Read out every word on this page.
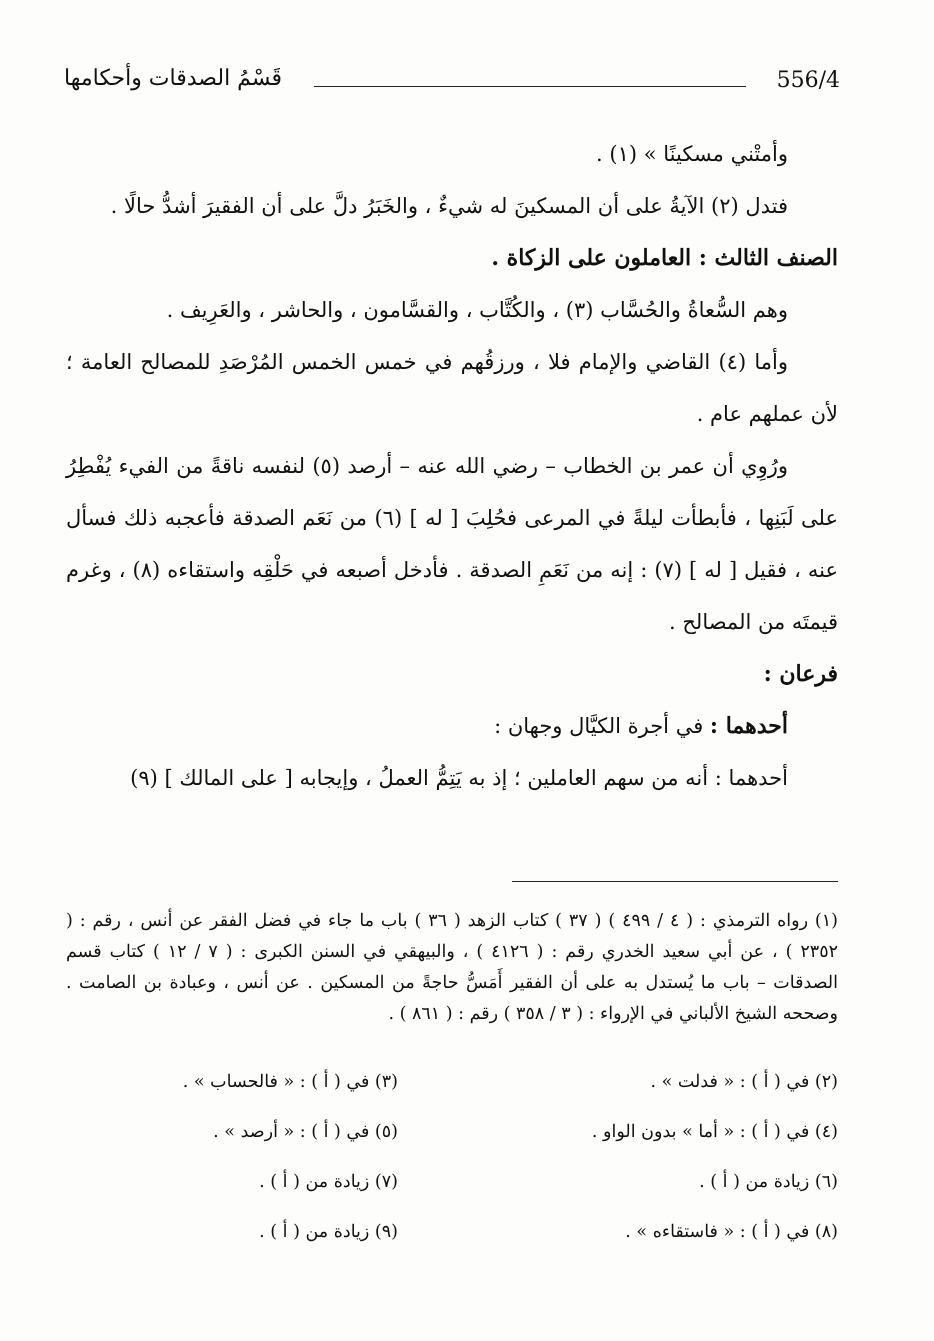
556/4
قَسْمُ الصدقات وأحكامها

وأمتْني مسكينًا » (١) .

فتدل (٢) الآيةُ على أن المسكينَ له شيءٌ ، والخَبَرُ دلَّ على أن الفقيرَ أشدُّ حالًا .

الصنف الثالث : العاملون على الزكاة .

وهم السُّعاةُ والحُسَّاب (٣) ، والكُتَّاب ، والقسَّامون ، والحاشر ، والعَرِيف .

وأما (٤) القاضي والإمام فلا ، ورزقُهم في خمس الخمس المُرْصَدِ للمصالح العامة ؛ لأن عملهم عام .

ورُوِي أن عمر بن الخطاب – رضي الله عنه – أرصد (٥) لنفسه ناقةً من الفيء يُفْطِرُ على لَبَنِها ، فأبطأت ليلةً في المرعى فحُلِبَ [ له ] (٦) من نَعَم الصدقة فأعجبه ذلك فسأل عنه ، فقيل [ له ] (٧) : إنه من نَعَمِ الصدقة . فأدخل أصبعه في حَلْقِه واستقاءه (٨) ، وغرم قيمتَه من المصالح .

فرعان :

أحدهما : في أجرة الكيَّال وجهان :

أحدهما : أنه من سهم العاملين ؛ إذ به يَتِمُّ العملُ ، وإيجابه [ على المالك ] (٩)

(١) رواه الترمذي : ( ٤ / ٤٩٩ ) ( ٣٧ ) كتاب الزهد ( ٣٦ ) باب ما جاء في فضل الفقر عن أنس ، رقم : ( ٢٣٥٢ ) ، عن أبي سعيد الخدري رقم : ( ٤١٢٦ ) ، والبيهقي في السنن الكبرى : ( ٧ / ١٢ ) كتاب قسم الصدقات – باب ما يُستدل به على أن الفقير أَمَسُّ حاجةً من المسكين . عن أنس ، وعبادة بن الصامت . وصححه الشيخ الألباني في الإرواء : ( ٣ / ٣٥٨ ) رقم : ( ٨٦١ ) .
(٢) في ( أ ) : « فدلت » .
(٣) في ( أ ) : « فالحساب » .
(٤) في ( أ ) : « أما » بدون الواو .
(٥) في ( أ ) : « أرصد » .
(٦) زيادة من ( أ ) .
(٧) زيادة من ( أ ) .
(٨) في ( أ ) : « فاستقاءه » .
(٩) زيادة من ( أ ) .
